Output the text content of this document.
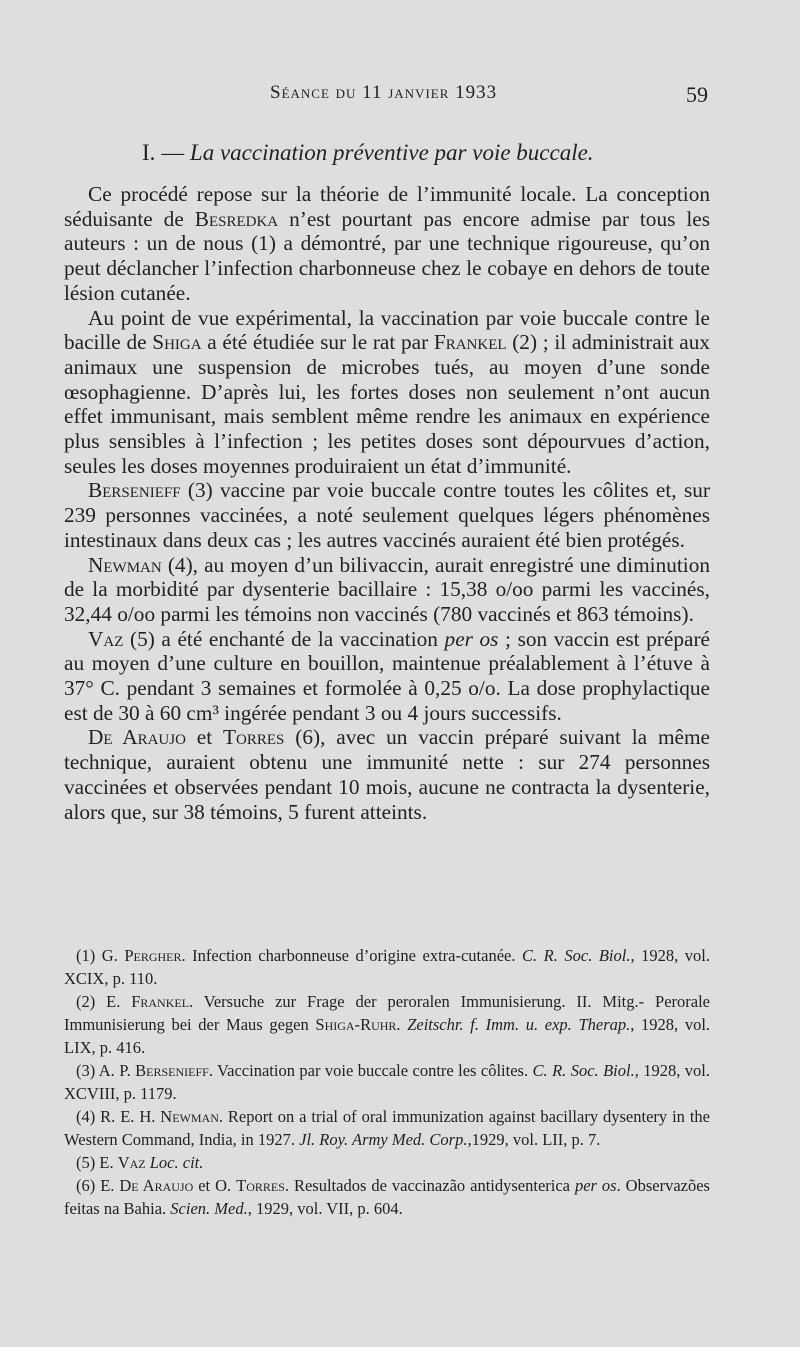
Séance du 11 janvier 1933	59
I. — La vaccination préventive par voie buccale.

Ce procédé repose sur la théorie de l’immunité locale. La conception séduisante de Besredka n’est pourtant pas encore admise par tous les auteurs : un de nous (1) a démontré, par une technique rigoureuse, qu’on peut déclancher l’infection charbonneuse chez le cobaye en dehors de toute lésion cutanée.

Au point de vue expérimental, la vaccination par voie buccale contre le bacille de Shiga a été étudiée sur le rat par Frankel (2) ; il administrait aux animaux une suspension de microbes tués, au moyen d’une sonde œsophagienne. D’après lui, les fortes doses non seulement n’ont aucun effet immunisant, mais semblent même rendre les animaux en expérience plus sensibles à l’infection ; les petites doses sont dépourvues d’action, seules les doses moyennes produiraient un état d’immunité.

Bersenieff (3) vaccine par voie buccale contre toutes les côlites et, sur 239 personnes vaccinées, a noté seulement quelques légers phénomènes intestinaux dans deux cas ; les autres vaccinés auraient été bien protégés.

Newman (4), au moyen d’un bilivaccin, aurait enregistré une diminution de la morbidité par dysenterie bacillaire : 15,38 o/oo parmi les vaccinés, 32,44 o/oo parmi les témoins non vaccinés (780 vaccinés et 863 témoins).

Vaz (5) a été enchanté de la vaccination per os ; son vaccin est préparé au moyen d’une culture en bouillon, maintenue préalablement à l’étuve à 37° C. pendant 3 semaines et formolée à 0,25 o/o. La dose prophylactique est de 30 à 60 cm³ ingérée pendant 3 ou 4 jours successifs.

De Araujo et Torres (6), avec un vaccin préparé suivant la même technique, auraient obtenu une immunité nette : sur 274 personnes vaccinées et observées pendant 10 mois, aucune ne contracta la dysenterie, alors que, sur 38 témoins, 5 furent atteints.

(1) G. Pergher. Infection charbonneuse d’origine extra-cutanée. C. R. Soc. Biol., 1928, vol. XCIX, p. 110.

(2) E. Frankel. Versuche zur Frage der peroralen Immunisierung. II. Mitg.- Perorale Immunisierung bei der Maus gegen Shiga-Ruhr. Zeitschr. f. Imm. u. exp. Therap., 1928, vol. LIX, p. 416.

(3) A. P. Bersenieff. Vaccination par voie buccale contre les côlites. C. R. Soc. Biol., 1928, vol. XCVIII, p. 1179.

(4) R. E. H. Newman. Report on a trial of oral immunization against bacillary dysentery in the Western Command, India, in 1927. Jl. Roy. Army Med. Corp.,1929, vol. LII, p. 7.

(5) E. Vaz Loc. cit.

(6) E. De Araujo et O. Torres. Resultados de vaccinazão antidysenterica per os. Observazões feitas na Bahia. Scien. Med., 1929, vol. VII, p. 604.
